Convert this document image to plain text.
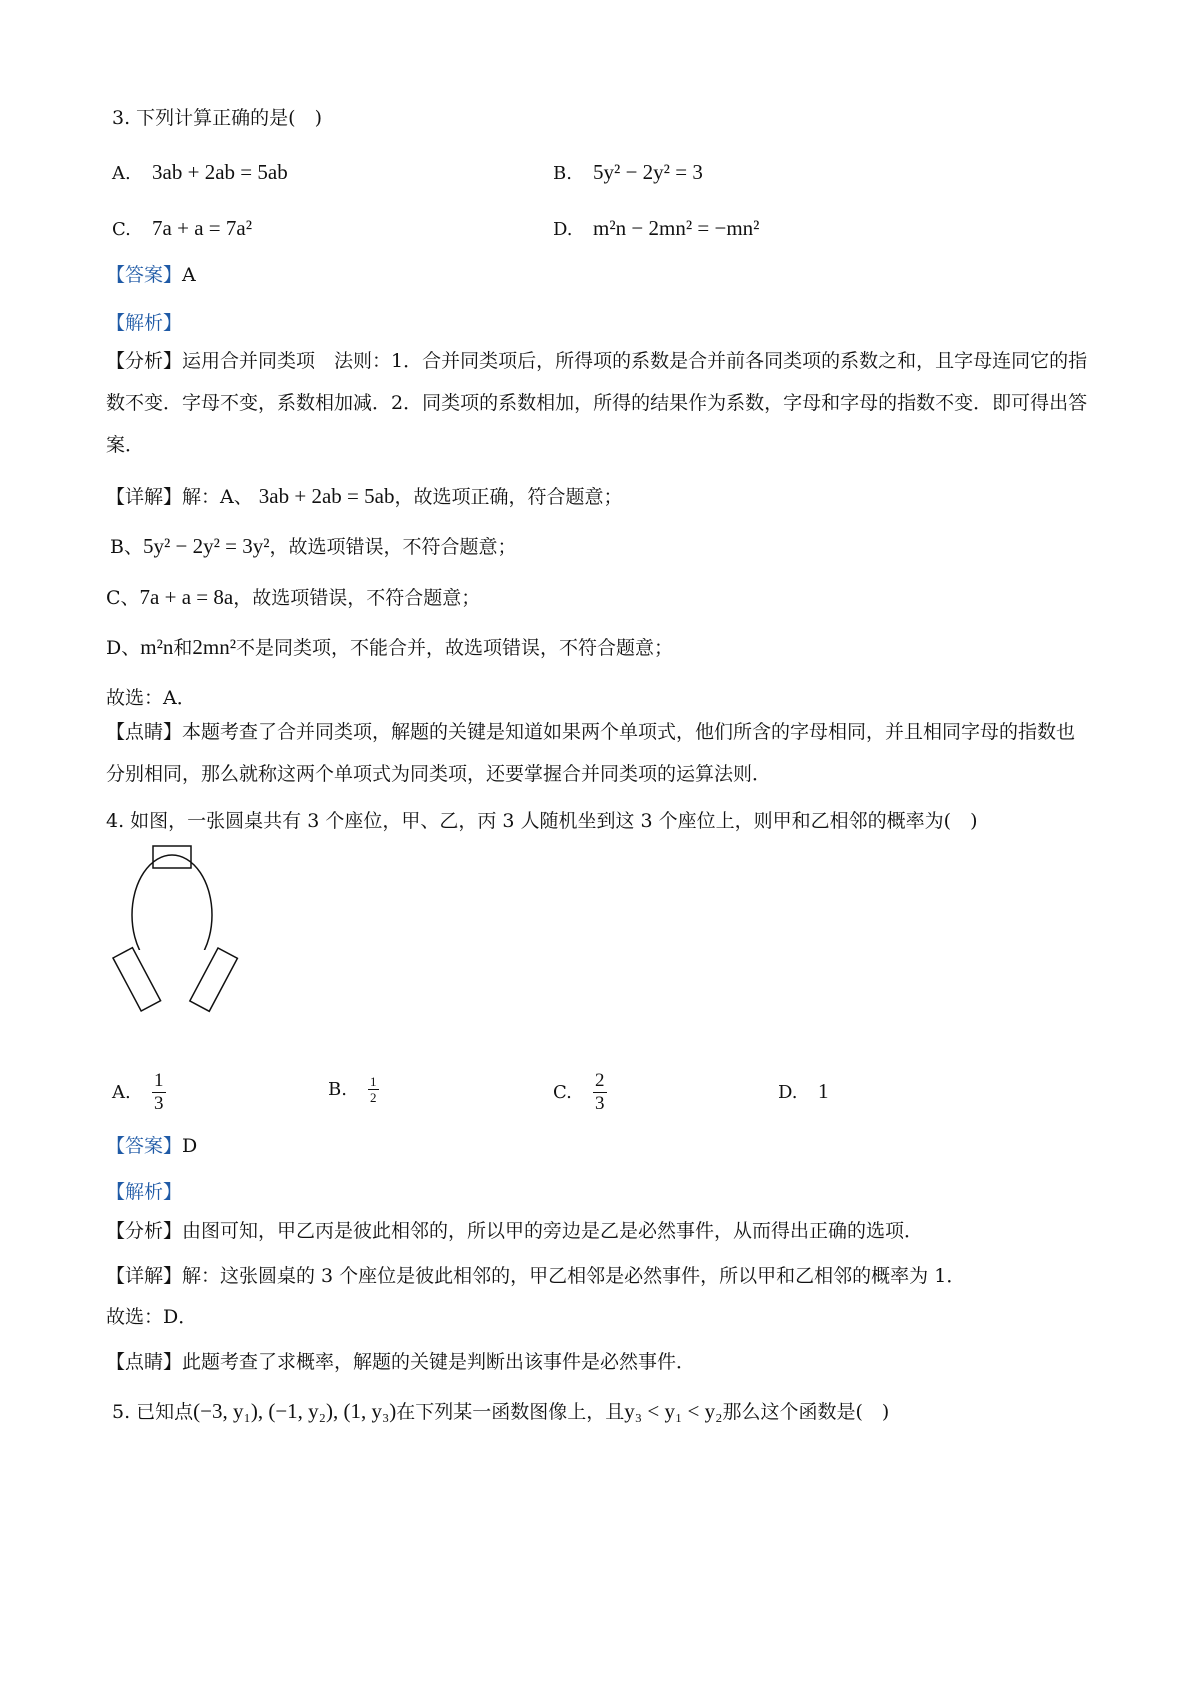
3. 下列计算正确的是(　)
A. 3ab + 2ab = 5ab	B. 5y² − 2y² = 3
C. 7a + a = 7a²	D. m²n − 2mn² = −mn²
【答案】A
【解析】
【分析】运用合并同类项　法则：1．合并同类项后，所得项的系数是合并前各同类项的系数之和，且字母连同它的指数不变．字母不变，系数相加减．2．同类项的系数相加，所得的结果作为系数，字母和字母的指数不变．即可得出答案．
【详解】解：A、 3ab + 2ab = 5ab，故选项正确，符合题意；
B、5y² − 2y² = 3y²，故选项错误，不符合题意；
C、7a + a = 8a，故选项错误，不符合题意；
D、m²n和2mn²不是同类项，不能合并，故选项错误，不符合题意；
故选：A．
【点睛】本题考查了合并同类项，解题的关键是知道如果两个单项式，他们所含的字母相同，并且相同字母的指数也分别相同，那么就称这两个单项式为同类项，还要掌握合并同类项的运算法则．
4. 如图，一张圆桌共有 3 个座位，甲、乙，丙 3 人随机坐到这 3 个座位上，则甲和乙相邻的概率为(　)
A. $\frac{1}{3}$	B. $\frac{1}{2}$	C. $\frac{2}{3}$	D. 1
【答案】D
【解析】
【分析】由图可知，甲乙丙是彼此相邻的，所以甲的旁边是乙是必然事件，从而得出正确的选项．
【详解】解：这张圆桌的 3 个座位是彼此相邻的，甲乙相邻是必然事件，所以甲和乙相邻的概率为 1．
故选：D．
【点睛】此题考查了求概率，解题的关键是判断出该事件是必然事件．
5. 已知点(−3, y₁), (−1, y₂), (1, y₃)在下列某一函数图像上，且y₃ < y₁ < y₂那么这个函数是(　)
